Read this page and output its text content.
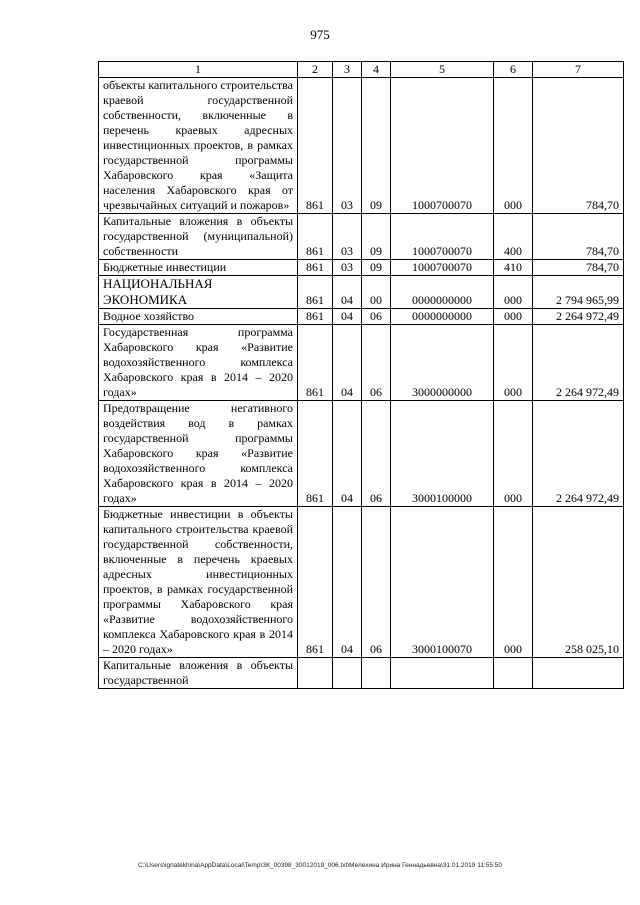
975
1	2	3	4	5	6	7
объекты капитального строительства краевой государственной собственности, включенные в перечень краевых адресных инвестиционных проектов, в рамках государственной программы Хабаровского края «Защита населения Хабаровского края от чрезвычайных ситуаций и пожаров»	861	03	09	1000700070	000	784,70
Капитальные вложения в объекты государственной (муниципальной) собственности	861	03	09	1000700070	400	784,70
Бюджетные инвестиции	861	03	09	1000700070	410	784,70
НАЦИОНАЛЬНАЯ ЭКОНОМИКА	861	04	00	0000000000	000	2 794 965,99
Водное хозяйство	861	04	06	0000000000	000	2 264 972,49
Государственная программа Хабаровского края «Развитие водохозяйственного комплекса Хабаровского края в 2014 – 2020 годах»	861	04	06	3000000000	000	2 264 972,49
Предотвращение негативного воздействия вод в рамках государственной программы Хабаровского края «Развитие водохозяйственного комплекса Хабаровского края в 2014 – 2020 годах»	861	04	06	3000100000	000	2 264 972,49
Бюджетные инвестиции в объекты капитального строительства краевой государственной собственности, включенные в перечень краевых адресных инвестиционных проектов, в рамках государственной программы Хабаровского края «Развитие водохозяйственного комплекса Хабаровского края в 2014 – 2020 годах»	861	04	06	3000100070	000	258 025,10
Капитальные вложения в объекты государственной						
C:\Users\ignatekhina\AppData\Local\Temp\ЗК_00398_30012019_006.txt\Мелехина Ирина Геннадьевна\31.01.2019 11:55:50
